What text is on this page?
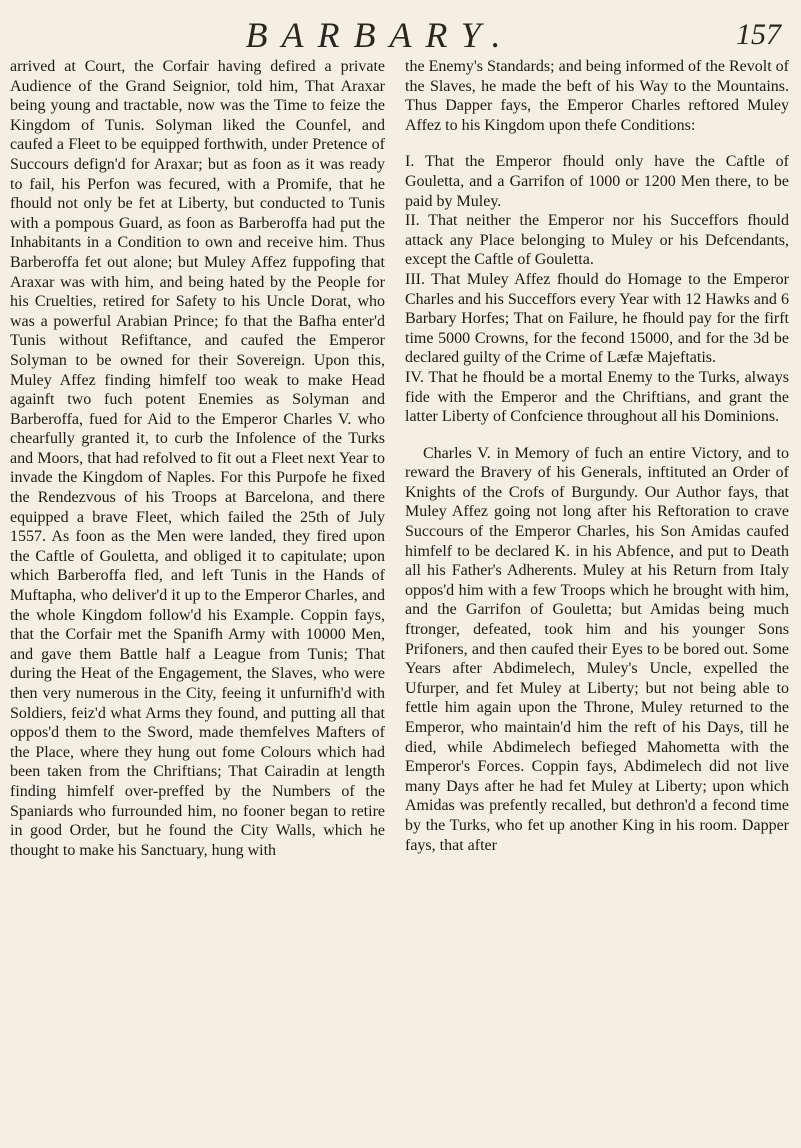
BARBARY.	157

arrived at Court, the Corfair having defired a private Audience of the Grand Seignior, told him, That Araxar being young and tractable, now was the Time to feize the Kingdom of Tunis. Solyman liked the Counfel, and caufed a Fleet to be equipped forthwith, under Pretence of Succours defign'd for Araxar; but as foon as it was ready to fail, his Perfon was fecured, with a Promife, that he fhould not only be fet at Liberty, but conducted to Tunis with a pompous Guard, as foon as Barberoffa had put the Inhabitants in a Condition to own and receive him. Thus Barberoffa fet out alone; but Muley Affez fuppofing that Araxar was with him, and being hated by the People for his Cruelties, retired for Safety to his Uncle Dorat, who was a powerful Arabian Prince; fo that the Bafha enter'd Tunis without Refiftance, and caufed the Emperor Solyman to be owned for their Sovereign. Upon this, Muley Affez finding himfelf too weak to make Head againft two fuch potent Enemies as Solyman and Barberoffa, fued for Aid to the Emperor Charles V. who chearfully granted it, to curb the Infolence of the Turks and Moors, that had refolved to fit out a Fleet next Year to invade the Kingdom of Naples. For this Purpofe he fixed the Rendezvous of his Troops at Barcelona, and there equipped a brave Fleet, which failed the 25th of July 1557. As foon as the Men were landed, they fired upon the Caftle of Gouletta, and obliged it to capitulate; upon which Barberoffa fled, and left Tunis in the Hands of Muftapha, who deliver'd it up to the Emperor Charles, and the whole Kingdom follow'd his Example. Coppin fays, that the Corfair met the Spanifh Army with 10000 Men, and gave them Battle half a League from Tunis; That during the Heat of the Engagement, the Slaves, who were then very numerous in the City, feeing it unfurnifh'd with Soldiers, feiz'd what Arms they found, and putting all that oppos'd them to the Sword, made themfelves Mafters of the Place, where they hung out fome Colours which had been taken from the Chriftians; That Cairadin at length finding himfelf over-preffed by the Numbers of the Spaniards who furrounded him, no fooner began to retire in good Order, but he found the City Walls, which he thought to make his Sanctuary, hung with

the Enemy's Standards; and being informed of the Revolt of the Slaves, he made the beft of his Way to the Mountains. Thus Dapper fays, the Emperor Charles reftored Muley Affez to his Kingdom upon thefe Conditions:

I. That the Emperor fhould only have the Caftle of Gouletta, and a Garrifon of 1000 or 1200 Men there, to be paid by Muley.

II. That neither the Emperor nor his Succeffors fhould attack any Place belonging to Muley or his Defcendants, except the Caftle of Gouletta.

III. That Muley Affez fhould do Homage to the Emperor Charles and his Succeffors every Year with 12 Hawks and 6 Barbary Horfes; That on Failure, he fhould pay for the firft time 5000 Crowns, for the fecond 15000, and for the 3d be declared guilty of the Crime of Læfæ Majeftatis.

IV. That he fhould be a mortal Enemy to the Turks, always fide with the Emperor and the Chriftians, and grant the latter Liberty of Confcience throughout all his Dominions.

Charles V. in Memory of fuch an entire Victory, and to reward the Bravery of his Generals, inftituted an Order of Knights of the Crofs of Burgundy. Our Author fays, that Muley Affez going not long after his Reftoration to crave Succours of the Emperor Charles, his Son Amidas caufed himfelf to be declared K. in his Abfence, and put to Death all his Father's Adherents. Muley at his Return from Italy oppos'd him with a few Troops which he brought with him, and the Garrifon of Gouletta; but Amidas being much ftronger, defeated, took him and his younger Sons Prifoners, and then caufed their Eyes to be bored out. Some Years after Abdimelech, Muley's Uncle, expelled the Ufurper, and fet Muley at Liberty; but not being able to fettle him again upon the Throne, Muley returned to the Emperor, who maintain'd him the reft of his Days, till he died, while Abdimelech befieged Mahometta with the Emperor's Forces. Coppin fays, Abdimelech did not live many Days after he had fet Muley at Liberty; upon which Amidas was prefently recalled, but dethron'd a fecond time by the Turks, who fet up another King in his room. Dapper fays, that after
